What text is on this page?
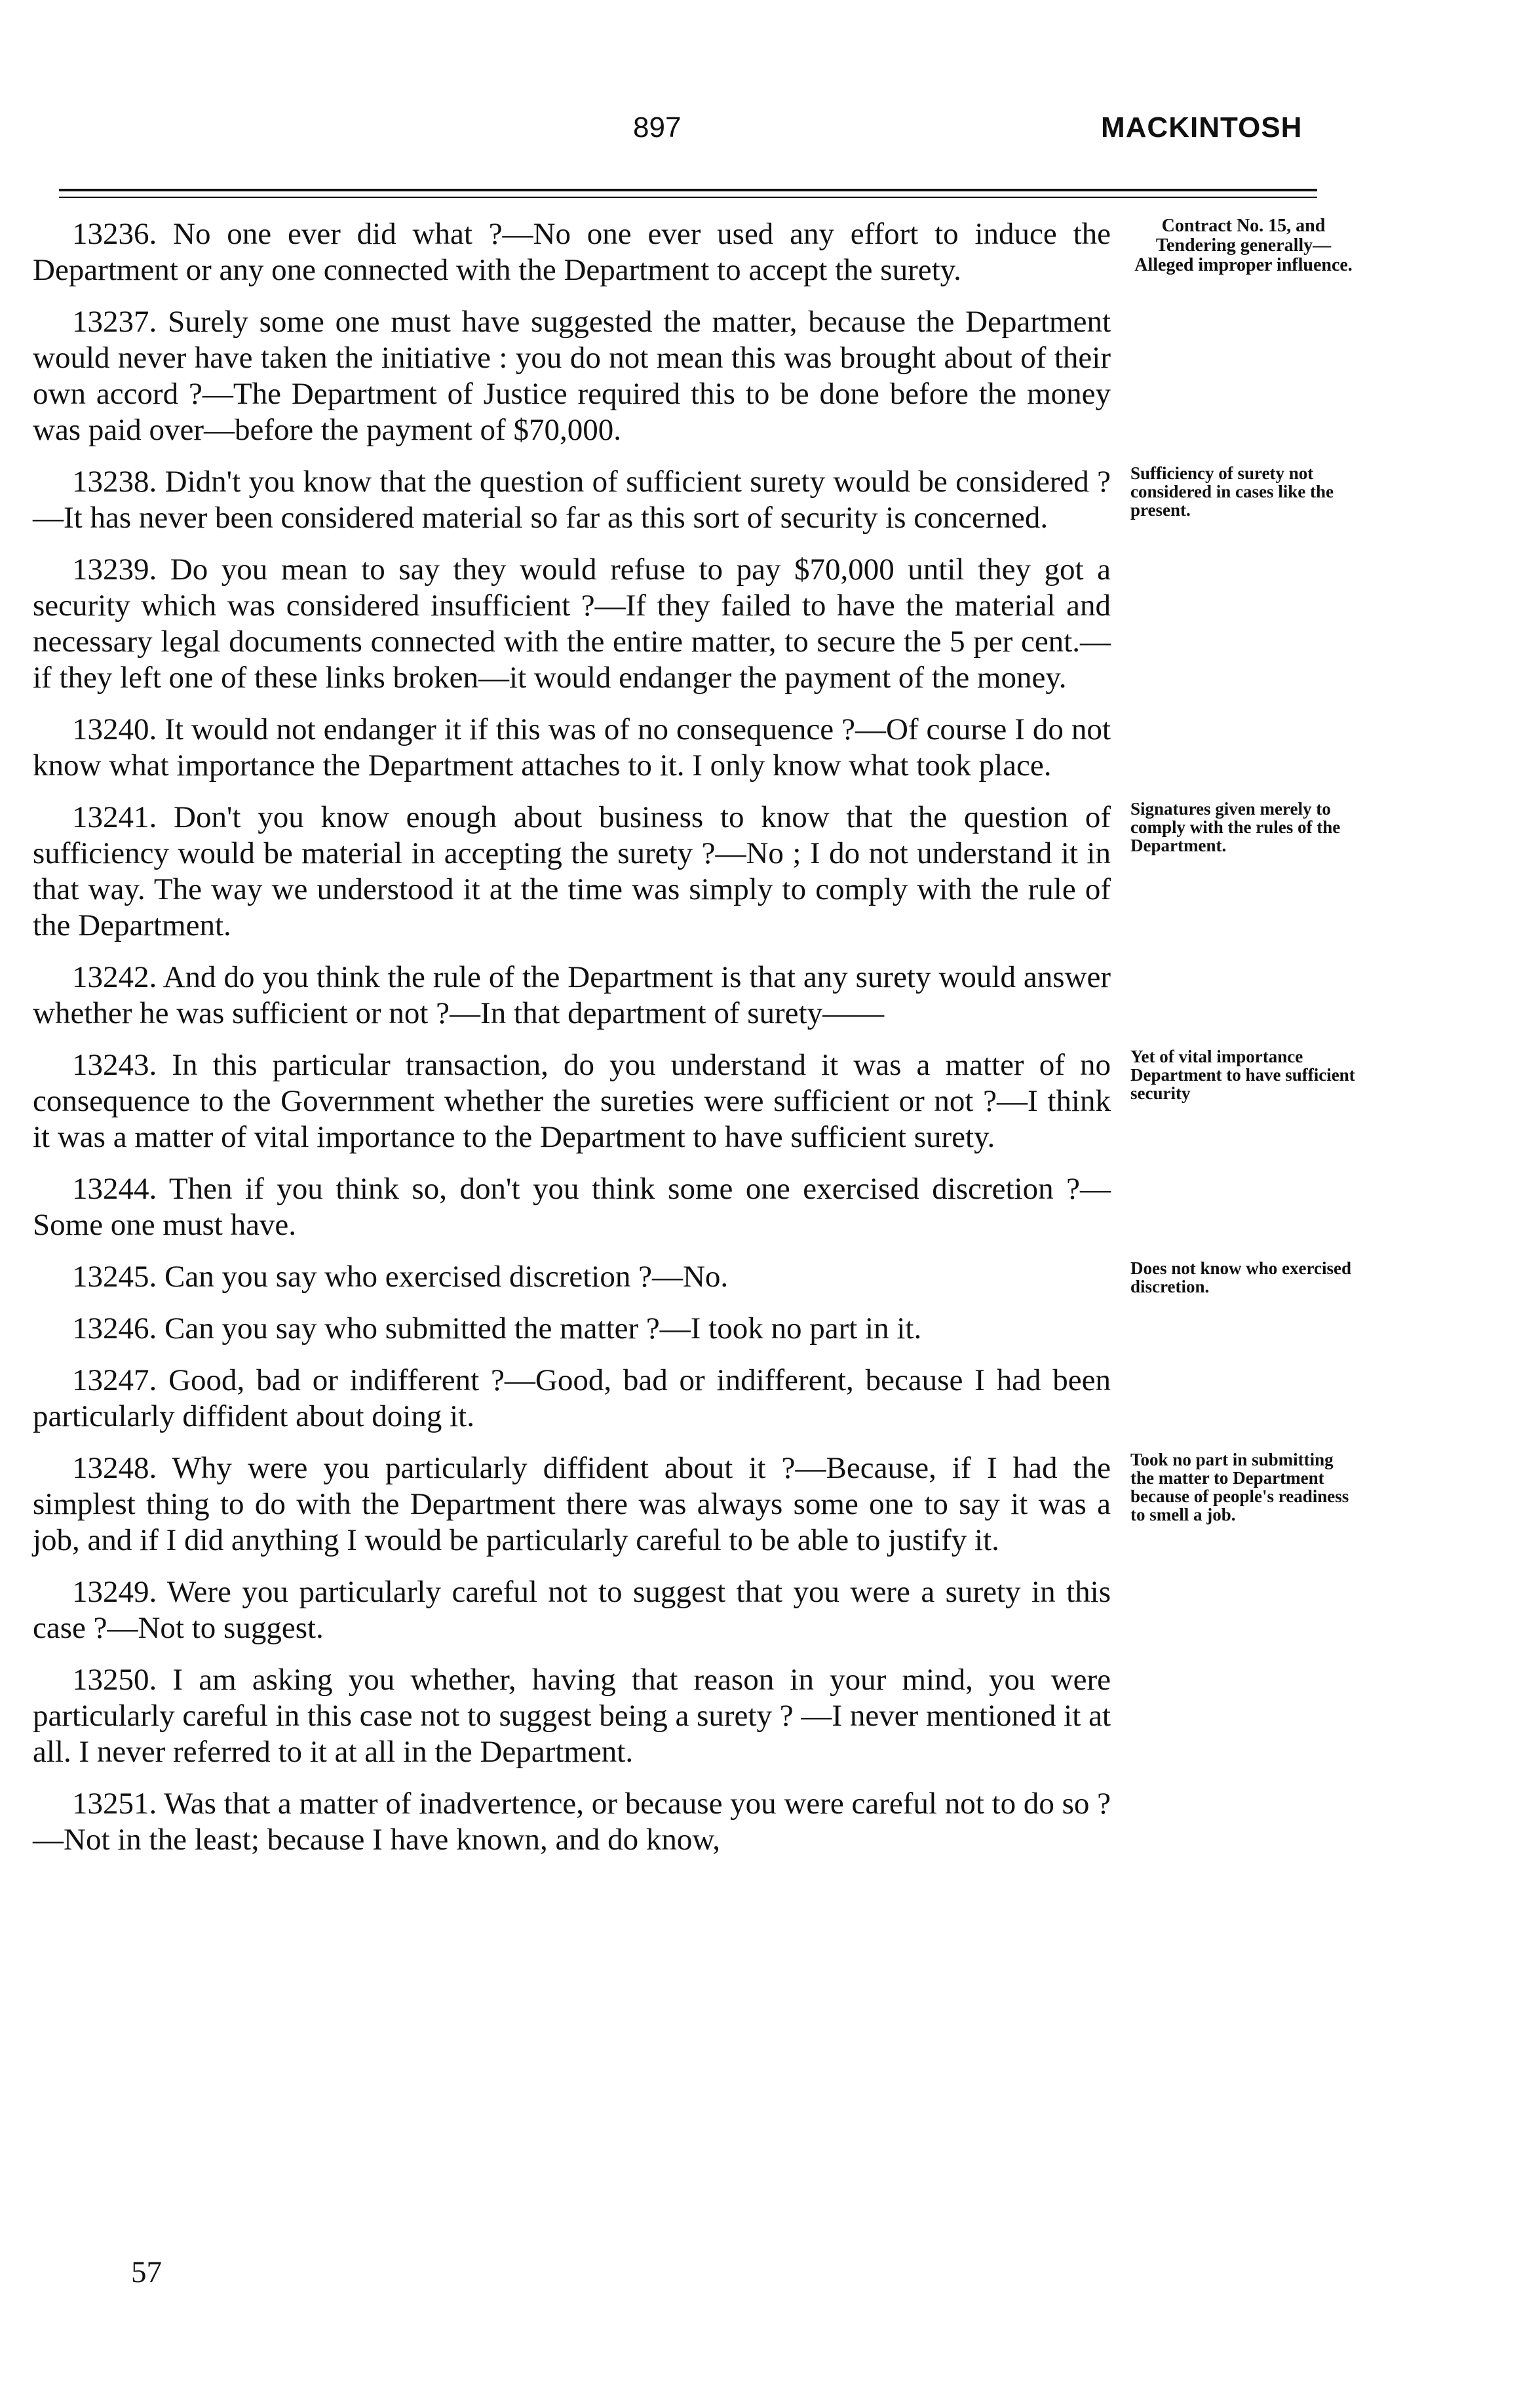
897	MACKINTOSH

13236. No one ever did what ?—No one ever used any effort to induce the Department or any one connected with the Department to accept the surety.

Contract No. 15, and Tendering generally— Alleged improper influence.

13237. Surely some one must have suggested the matter, because the Department would never have taken the initiative : you do not mean this was brought about of their own accord ?—The Department of Justice required this to be done before the money was paid over—before the payment of $70,000.

13238. Didn't you know that the question of sufficient surety would be considered ?—It has never been considered material so far as this sort of security is concerned.

Sufficiency of surety not considered in cases like the present.

13239. Do you mean to say they would refuse to pay $70,000 until they got a security which was considered insufficient ?—If they failed to have the material and necessary legal documents connected with the entire matter, to secure the 5 per cent.—if they left one of these links broken—it would endanger the payment of the money.

13240. It would not endanger it if this was of no consequence ?—Of course I do not know what importance the Department attaches to it. I only know what took place.

13241. Don't you know enough about business to know that the question of sufficiency would be material in accepting the surety ?—No ; I do not understand it in that way. The way we understood it at the time was simply to comply with the rule of the Department.

Signatures given merely to comply with the rules of the Department.

13242. And do you think the rule of the Department is that any surety would answer whether he was sufficient or not ?—In that department of surety——

13243. In this particular transaction, do you understand it was a matter of no consequence to the Government whether the sureties were sufficient or not ?—I think it was a matter of vital importance to the Department to have sufficient surety.

Yet of vital importance Department to have sufficient security

13244. Then if you think so, don't you think some one exercised discretion ?—Some one must have.

13245. Can you say who exercised discretion ?—No.	Does not know who exercised discretion.

13246. Can you say who submitted the matter ?—I took no part in it.

13247. Good, bad or indifferent ?—Good, bad or indifferent, because I had been particularly diffident about doing it.

13248. Why were you particularly diffident about it ?—Because, if I had the simplest thing to do with the Department there was always some one to say it was a job, and if I did anything I would be particularly careful to be able to justify it.

Took no part in submitting the matter to Department because of people's readiness to smell a job.

13249. Were you particularly careful not to suggest that you were a surety in this case ?—Not to suggest.

13250. I am asking you whether, having that reason in your mind, you were particularly careful in this case not to suggest being a surety ? —I never mentioned it at all. I never referred to it at all in the Department.

13251. Was that a matter of inadvertence, or because you were careful not to do so ?—Not in the least; because I have known, and do know,

57
